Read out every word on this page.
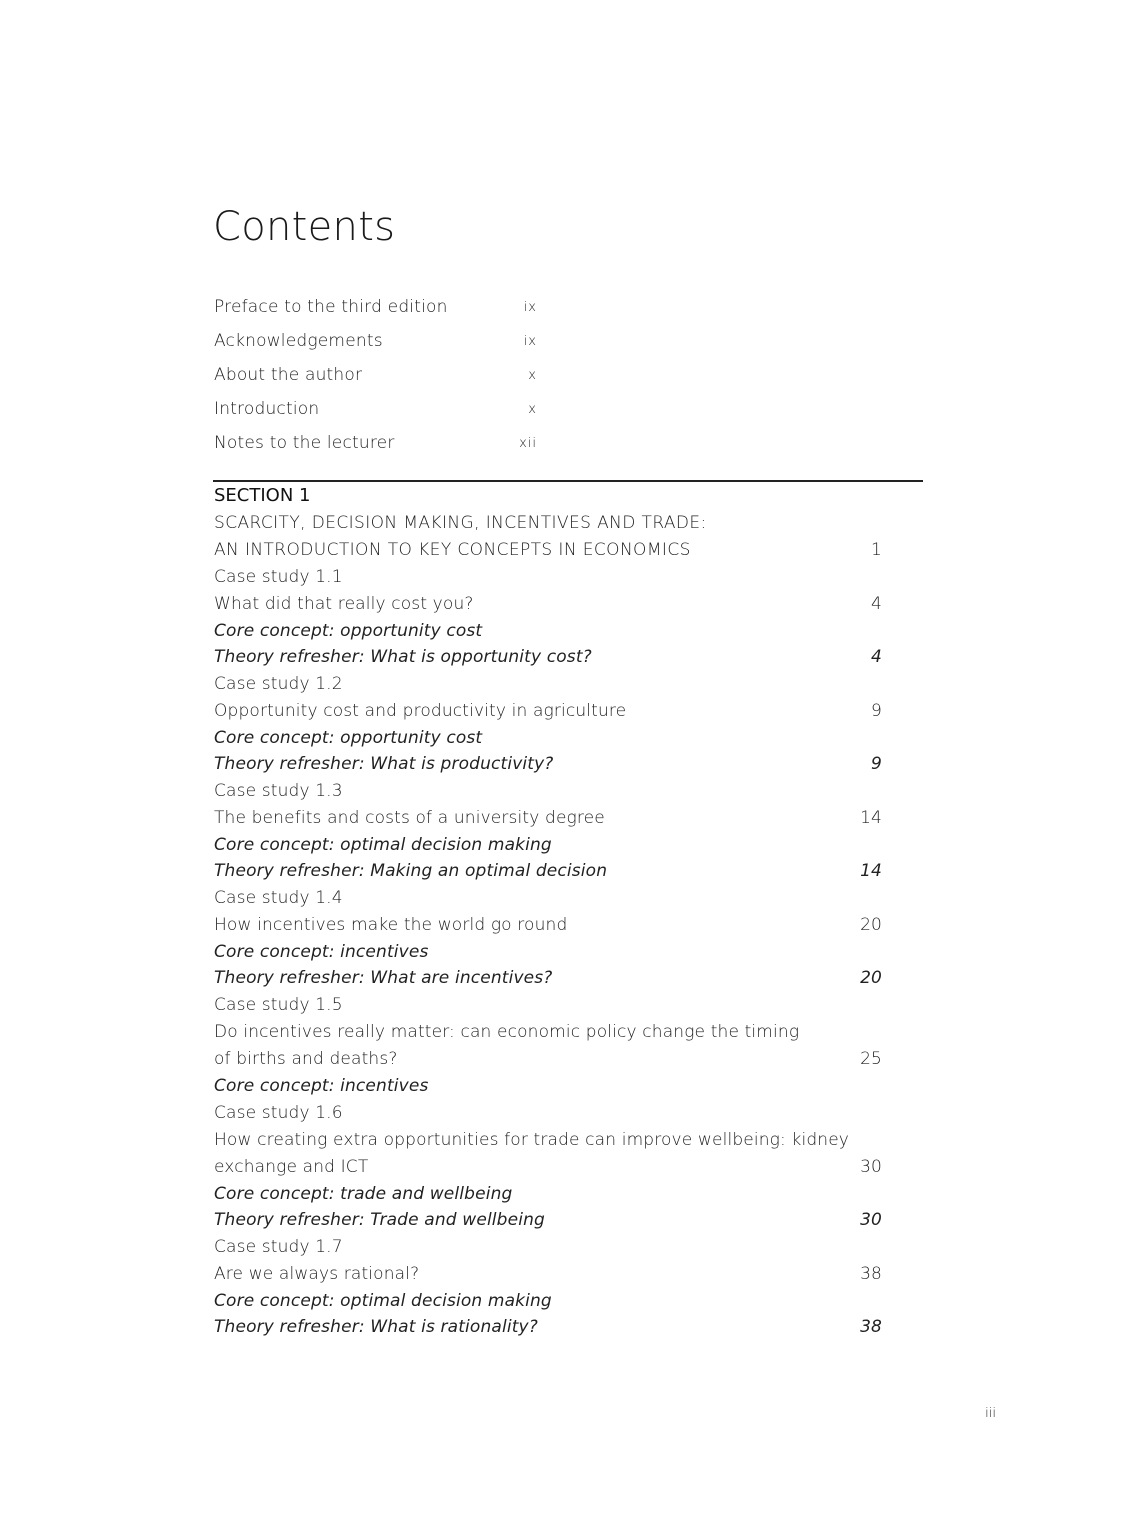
Contents
Preface to the third edition	ix
Acknowledgements	ix
About the author	x
Introduction	x
Notes to the lecturer	xii
SECTION 1
SCARCITY, DECISION MAKING, INCENTIVES AND TRADE:
AN INTRODUCTION TO KEY CONCEPTS IN ECONOMICS	1
Case study 1.1
What did that really cost you?	4
Core concept: opportunity cost
Theory refresher: What is opportunity cost?	4
Case study 1.2
Opportunity cost and productivity in agriculture	9
Core concept: opportunity cost
Theory refresher: What is productivity?	9
Case study 1.3
The benefits and costs of a university degree	14
Core concept: optimal decision making
Theory refresher: Making an optimal decision	14
Case study 1.4
How incentives make the world go round	20
Core concept: incentives
Theory refresher: What are incentives?	20
Case study 1.5
Do incentives really matter: can economic policy change the timing
of births and deaths?	25
Core concept: incentives
Case study 1.6
How creating extra opportunities for trade can improve wellbeing: kidney
exchange and ICT	30
Core concept: trade and wellbeing
Theory refresher: Trade and wellbeing	30
Case study 1.7
Are we always rational?	38
Core concept: optimal decision making
Theory refresher: What is rationality?	38
iii
